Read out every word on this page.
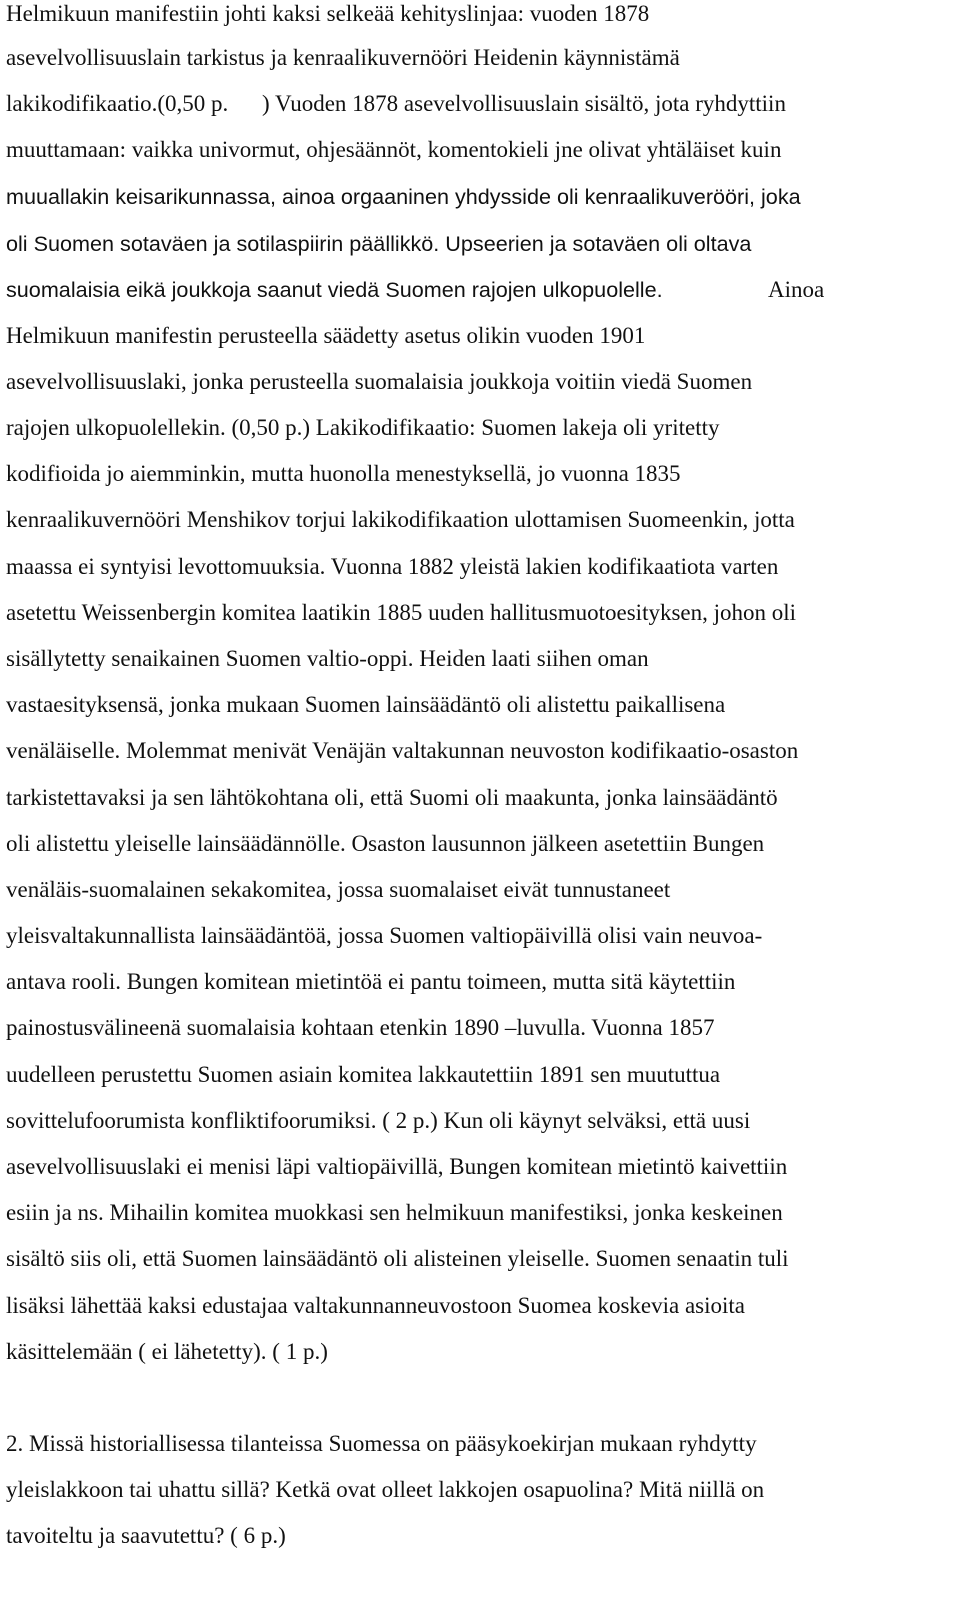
Helmikuun manifestiin johti kaksi selkeää kehityslinjaa: vuoden 1878
asevelvollisuuslain tarkistus ja kenraalikuvernööri Heidenin käynnistämä
lakikodifikaatio.(0,50 p. ) Vuoden 1878 asevelvollisuuslain sisältö, jota ryhdyttiin
muuttamaan: vaikka univormut, ohjesäännöt, komentokieli jne olivat yhtäläiset kuin
muuallakin keisarikunnassa, ainoa orgaaninen yhdysside oli kenraalikuveröö​ri, joka
oli Suomen sotaväen ja sotilaspiirin päällikkö. Upseerien ja sotaväen oli oltava
suomalaisia eikä joukkoja saanut viedä Suomen rajojen ulkopuolelle.	Ainoa
Helmikuun manifestin perusteella säädetty asetus olikin vuoden 1901
asevelvollisuuslaki, jonka perusteella suomalaisia joukkoja voitiin viedä Suomen
rajojen ulkopuolellekin. (0,50 p.) Lakikodifikaatio: Suomen lakeja oli yritetty
kodifioida jo aiemminkin, mutta huonolla menestyksellä, jo vuonna 1835
kenraalikuvernööri Menshikov torjui lakikodifikaation ulottamisen Suomeenkin, jotta
maassa ei syntyisi levottomuuksia. Vuonna 1882 yleistä lakien kodifikaatiota varten
asetettu Weissenbergin komitea laatikin 1885 uuden hallitusmuotoesityksen, johon oli
sisällytetty senaikainen Suomen valtio-oppi. Heiden laati siihen oman
vastaesityksensä, jonka mukaan Suomen lainsäädäntö oli alistettu paikallisena
venäläiselle. Molemmat menivät Venäjän valtakunnan neuvoston kodifikaatio-osaston
tarkistettavaksi ja sen lähtökohtana oli, että Suomi oli maakunta, jonka lainsäädäntö
oli alistettu yleiselle lainsäädännölle. Osaston lausunnon jälkeen asetettiin Bungen
venäläis-suomalainen sekakomitea, jossa suomalaiset eivät tunnustaneet
yleisvaltakunnallista lainsäädäntöä, jossa Suomen valtiopäivillä olisi vain neuvoa-
antava rooli. Bungen komitean mietintöä ei pantu toimeen, mutta sitä käytettiin
painostusvälineenä suomalaisia kohtaan etenkin 1890 –luvulla. Vuonna 1857
uudelleen perustettu Suomen asiain komitea lakkautettiin 1891 sen muututtua
sovittelufoorumista konfliktifoorumiksi. ( 2 p.) Kun oli käynyt selväksi, että uusi
asevelvollisuuslaki ei menisi läpi valtiopäivillä, Bungen komitean mietintö kaivettiin
esiin ja ns. Mihailin komitea muokkasi sen helmikuun manifestiksi, jonka keskeinen
sisältö siis oli, että Suomen lainsäädäntö oli alisteinen yleiselle. Suomen senaatin tuli
lisäksi lähettää kaksi edustajaa valtakunnanneuvostoon Suomea koskevia asioita
käsittelemään ( ei lähetetty). ( 1 p.)
2. Missä historiallisessa tilanteissa Suomessa on pääsykoekirjan mukaan ryhdytty
yleislakkoon tai uhattu sillä? Ketkä ovat olleet lakkojen osapuolina? Mitä niillä on
tavoiteltu ja saavutettu? ( 6 p.)
